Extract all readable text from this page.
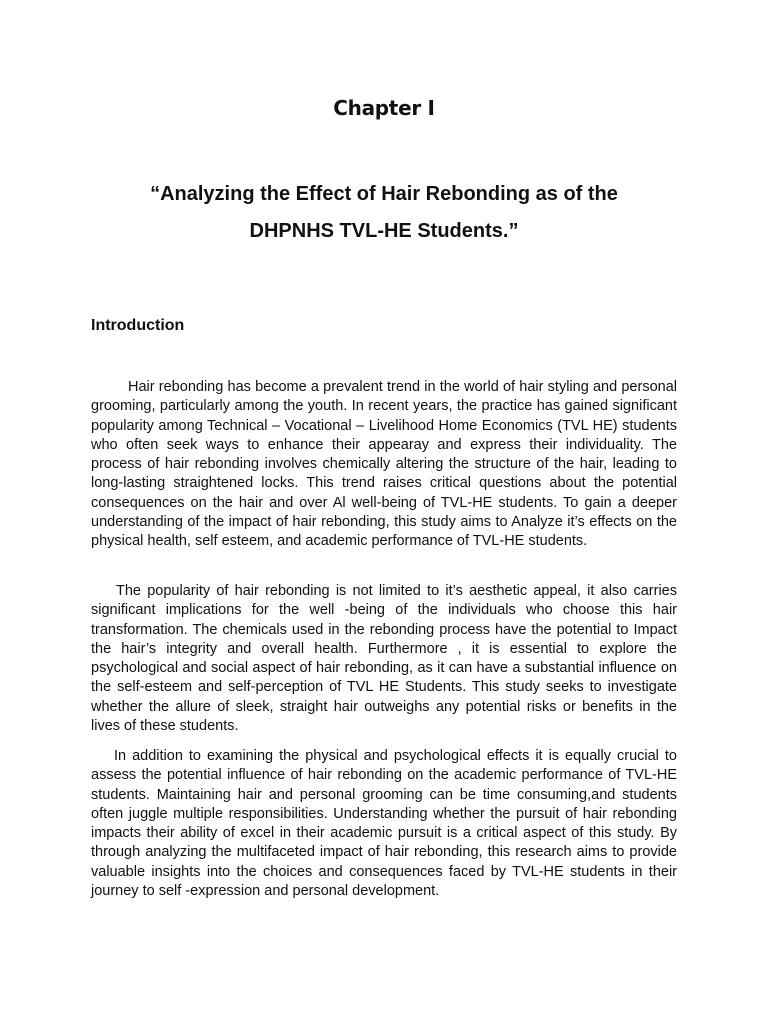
Chapter I
“Analyzing the Effect of Hair Rebonding as of the
DHPNHS TVL-HE Students.”
Introduction

Hair rebonding has become a prevalent trend in the world of hair styling and personal grooming, particularly among the youth. In recent years, the practice has gained significant popularity among Technical – Vocational – Livelihood Home Economics (TVL HE) students who often seek ways to enhance their appearay and express their individuality. The process of hair rebonding involves chemically altering the structure of the hair, leading to long-lasting straightened locks. This trend raises critical questions about the potential consequences on the hair and over Al well-being of TVL-HE students. To gain a deeper understanding of the impact of hair rebonding, this study aims to Analyze it’s effects on the physical health, self esteem, and academic performance of TVL-HE students.

The popularity of hair rebonding is not limited to it’s aesthetic appeal, it also carries significant implications for the well -being of the individuals who choose this hair transformation. The chemicals used in the rebonding process have the potential to Impact the hair’s integrity and overall health. Furthermore , it is essential to explore the psychological and social aspect of hair rebonding, as it can have a substantial influence on the self-esteem and self-perception of TVL HE Students. This study seeks to investigate whether the allure of sleek, straight hair outweighs any potential risks or benefits in the lives of these students.

In addition to examining the physical and psychological effects it is equally crucial to assess the potential influence of hair rebonding on the academic performance of TVL-HE students. Maintaining hair and personal grooming can be time consuming,and students often juggle multiple responsibilities. Understanding whether the pursuit of hair rebonding impacts their ability of excel in their academic pursuit is a critical aspect of this study. By through analyzing the multifaceted impact of hair rebonding, this research aims to provide valuable insights into the choices and consequences faced by TVL-HE students in their journey to self -expression and personal development.
